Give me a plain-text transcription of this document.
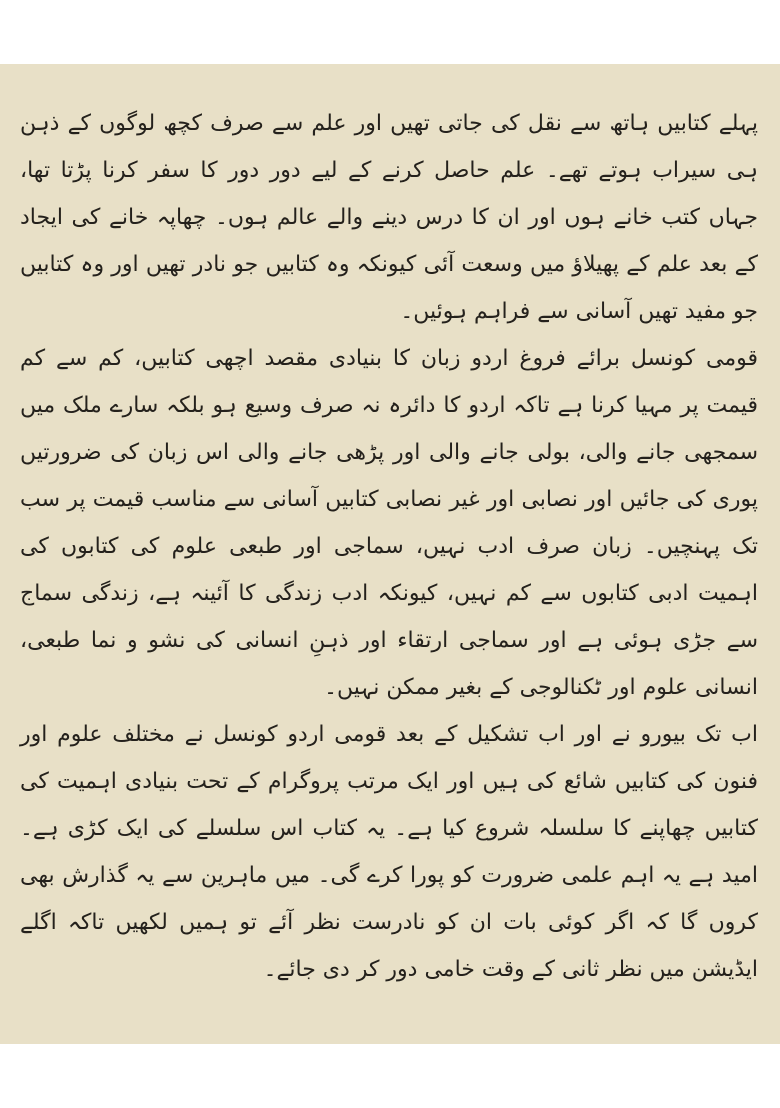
پہلے کتابیں ہاتھ سے نقل کی جاتی تھیں اور علم سے صرف کچھ لوگوں کے ذہن ہی سیراب ہوتے تھے۔ علم حاصل کرنے کے لیے دور دور کا سفر کرنا پڑتا تھا، جہاں کتب خانے ہوں اور ان کا درس دینے والے عالم ہوں۔ چھاپہ خانے کی ایجاد کے بعد علم کے پھیلاؤ میں وسعت آئی کیونکہ وہ کتابیں جو نادر تھیں اور وہ کتابیں جو مفید تھیں آسانی سے فراہم ہوئیں۔

قومی کونسل برائے فروغ اردو زبان کا بنیادی مقصد اچھی کتابیں، کم سے کم قیمت پر مہیا کرنا ہے تاکہ اردو کا دائرہ نہ صرف وسیع ہو بلکہ سارے ملک میں سمجھی جانے والی، بولی جانے والی اور پڑھی جانے والی اس زبان کی ضرورتیں پوری کی جائیں اور نصابی اور غیر نصابی کتابیں آسانی سے مناسب قیمت پر سب تک پہنچیں۔ زبان صرف ادب نہیں، سماجی اور طبعی علوم کی کتابوں کی اہمیت ادبی کتابوں سے کم نہیں، کیونکہ ادب زندگی کا آئینہ ہے، زندگی سماج سے جڑی ہوئی ہے اور سماجی ارتقاء اور ذہنِ انسانی کی نشو و نما طبعی، انسانی علوم اور ٹکنالوجی کے بغیر ممکن نہیں۔

اب تک بیورو نے اور اب تشکیل کے بعد قومی اردو کونسل نے مختلف علوم اور فنون کی کتابیں شائع کی ہیں اور ایک مرتب پروگرام کے تحت بنیادی اہمیت کی کتابیں چھاپنے کا سلسلہ شروع کیا ہے۔ یہ کتاب اس سلسلے کی ایک کڑی ہے۔ امید ہے یہ اہم علمی ضرورت کو پورا کرے گی۔ میں ماہرین سے یہ گذارش بھی کروں گا کہ اگر کوئی بات ان کو نادرست نظر آئے تو ہمیں لکھیں تاکہ اگلے ایڈیشن میں نظر ثانی کے وقت خامی دور کر دی جائے۔
